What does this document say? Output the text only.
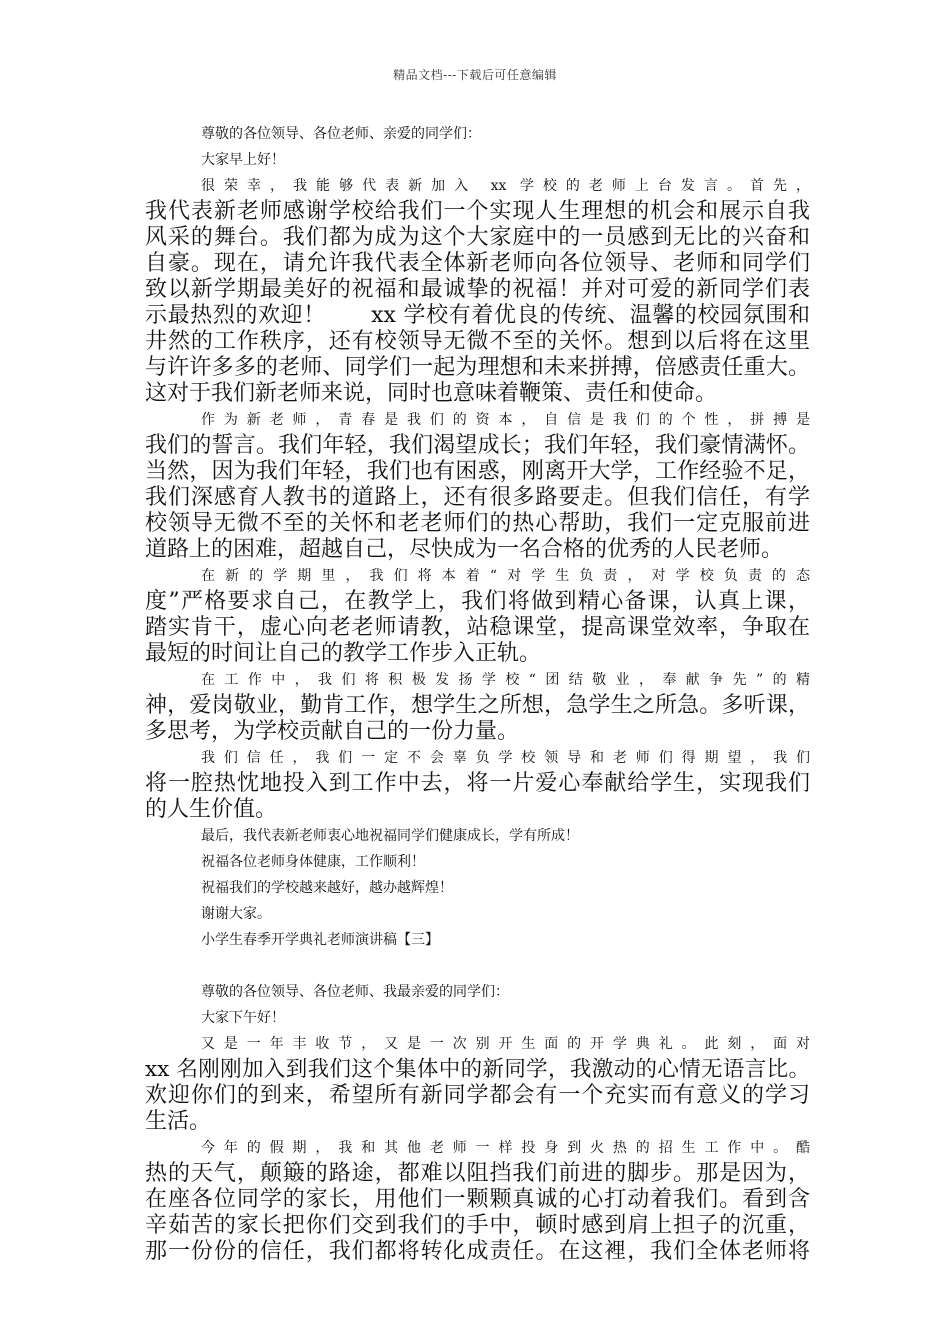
精品文档---下载后可任意编辑
尊敬的各位领导、各位老师、亲爱的同学们：
大家早上好！
很荣幸，我能够代表新加入 xx 学校的老师上台发言。首先，
我代表新老师感谢学校给我们一个实现人生理想的机会和展示自我
风采的舞台。我们都为成为这个大家庭中的一员感到无比的兴奋和
自豪。现在，请允许我代表全体新老师向各位领导、老师和同学们
致以新学期最美好的祝福和最诚挚的祝福！并对可爱的新同学们表
示最热烈的欢迎！　　xx 学校有着优良的传统、温馨的校园氛围和
井然的工作秩序，还有校领导无微不至的关怀。想到以后将在这里
与许许多多的老师、同学们一起为理想和未来拼搏，倍感责任重大。
这对于我们新老师来说，同时也意味着鞭策、责任和使命。
作为新老师，青春是我们的资本，自信是我们的个性，拼搏是
我们的誓言。我们年轻，我们渴望成长；我们年轻，我们豪情满怀。
当然，因为我们年轻，我们也有困惑，刚离开大学，工作经验不足，
我们深感育人教书的道路上，还有很多路要走。但我们信任，有学
校领导无微不至的关怀和老老师们的热心帮助，我们一定克服前进
道路上的困难，超越自己，尽快成为一名合格的优秀的人民老师。
在新的学期里，我们将本着“对学生负责，对学校负责的态
度”严格要求自己，在教学上，我们将做到精心备课，认真上课，
踏实肯干，虚心向老老师请教，站稳课堂，提高课堂效率，争取在
最短的时间让自己的教学工作步入正轨。
在工作中，我们将积极发扬学校“团结敬业，奉献争先”的精
神，爱岗敬业，勤肯工作，想学生之所想，急学生之所急。多听课，
多思考，为学校贡献自己的一份力量。
我们信任，我们一定不会辜负学校领导和老师们得期望，我们
将一腔热忱地投入到工作中去，将一片爱心奉献给学生，实现我们
的人生价值。
最后，我代表新老师衷心地祝福同学们健康成长，学有所成！
祝福各位老师身体健康，工作顺利！
祝福我们的学校越来越好，越办越辉煌！
谢谢大家。
小学生春季开学典礼老师演讲稿【三】
尊敬的各位领导、各位老师、我最亲爱的同学们：
大家下午好！
又是一年丰收节，又是一次别开生面的开学典礼。此刻，面对
xx 名刚刚加入到我们这个集体中的新同学，我激动的心情无语言比。
欢迎你们的到来，希望所有新同学都会有一个充实而有意义的学习
生活。
今年的假期，我和其他老师一样投身到火热的招生工作中。酷
热的天气，颠簸的路途，都难以阻挡我们前进的脚步。那是因为，
在座各位同学的家长，用他们一颗颗真诚的心打动着我们。看到含
辛茹苦的家长把你们交到我们的手中，顿时感到肩上担子的沉重，
那一份份的信任，我们都将转化成责任。在这裡，我们全体老师将
